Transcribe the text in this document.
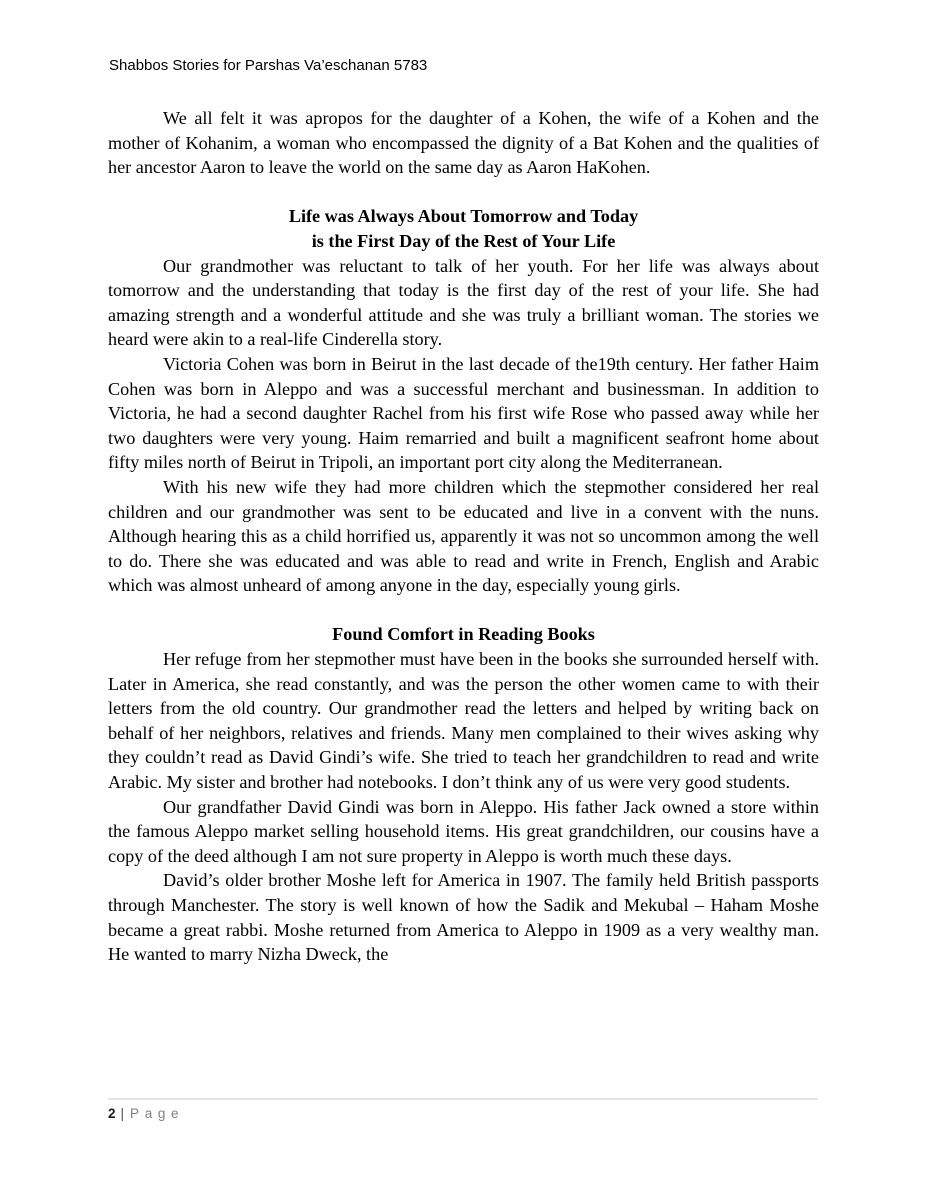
Shabbos Stories for Parshas Va’eschanan 5783

We all felt it was apropos for the daughter of a Kohen, the wife of a Kohen and the mother of Kohanim, a woman who encompassed the dignity of a Bat Kohen and the qualities of her ancestor Aaron to leave the world on the same day as Aaron HaKohen.

Life was Always About Tomorrow and Today
is the First Day of the Rest of Your Life

Our grandmother was reluctant to talk of her youth. For her life was always about tomorrow and the understanding that today is the first day of the rest of your life. She had amazing strength and a wonderful attitude and she was truly a brilliant woman. The stories we heard were akin to a real-life Cinderella story.

Victoria Cohen was born in Beirut in the last decade of the19th century. Her father Haim Cohen was born in Aleppo and was a successful merchant and businessman. In addition to Victoria, he had a second daughter Rachel from his first wife Rose who passed away while her two daughters were very young. Haim remarried and built a magnificent seafront home about fifty miles north of Beirut in Tripoli, an important port city along the Mediterranean.

With his new wife they had more children which the stepmother considered her real children and our grandmother was sent to be educated and live in a convent with the nuns. Although hearing this as a child horrified us, apparently it was not so uncommon among the well to do. There she was educated and was able to read and write in French, English and Arabic which was almost unheard of among anyone in the day, especially young girls.

Found Comfort in Reading Books

Her refuge from her stepmother must have been in the books she surrounded herself with. Later in America, she read constantly, and was the person the other women came to with their letters from the old country. Our grandmother read the letters and helped by writing back on behalf of her neighbors, relatives and friends. Many men complained to their wives asking why they couldn’t read as David Gindi’s wife. She tried to teach her grandchildren to read and write Arabic. My sister and brother had notebooks. I don’t think any of us were very good students.

Our grandfather David Gindi was born in Aleppo. His father Jack owned a store within the famous Aleppo market selling household items. His great grandchildren, our cousins have a copy of the deed although I am not sure property in Aleppo is worth much these days.

David’s older brother Moshe left for America in 1907. The family held British passports through Manchester. The story is well known of how the Sadik and Mekubal – Haham Moshe became a great rabbi. Moshe returned from America to Aleppo in 1909 as a very wealthy man. He wanted to marry Nizha Dweck, the

2 | Page
